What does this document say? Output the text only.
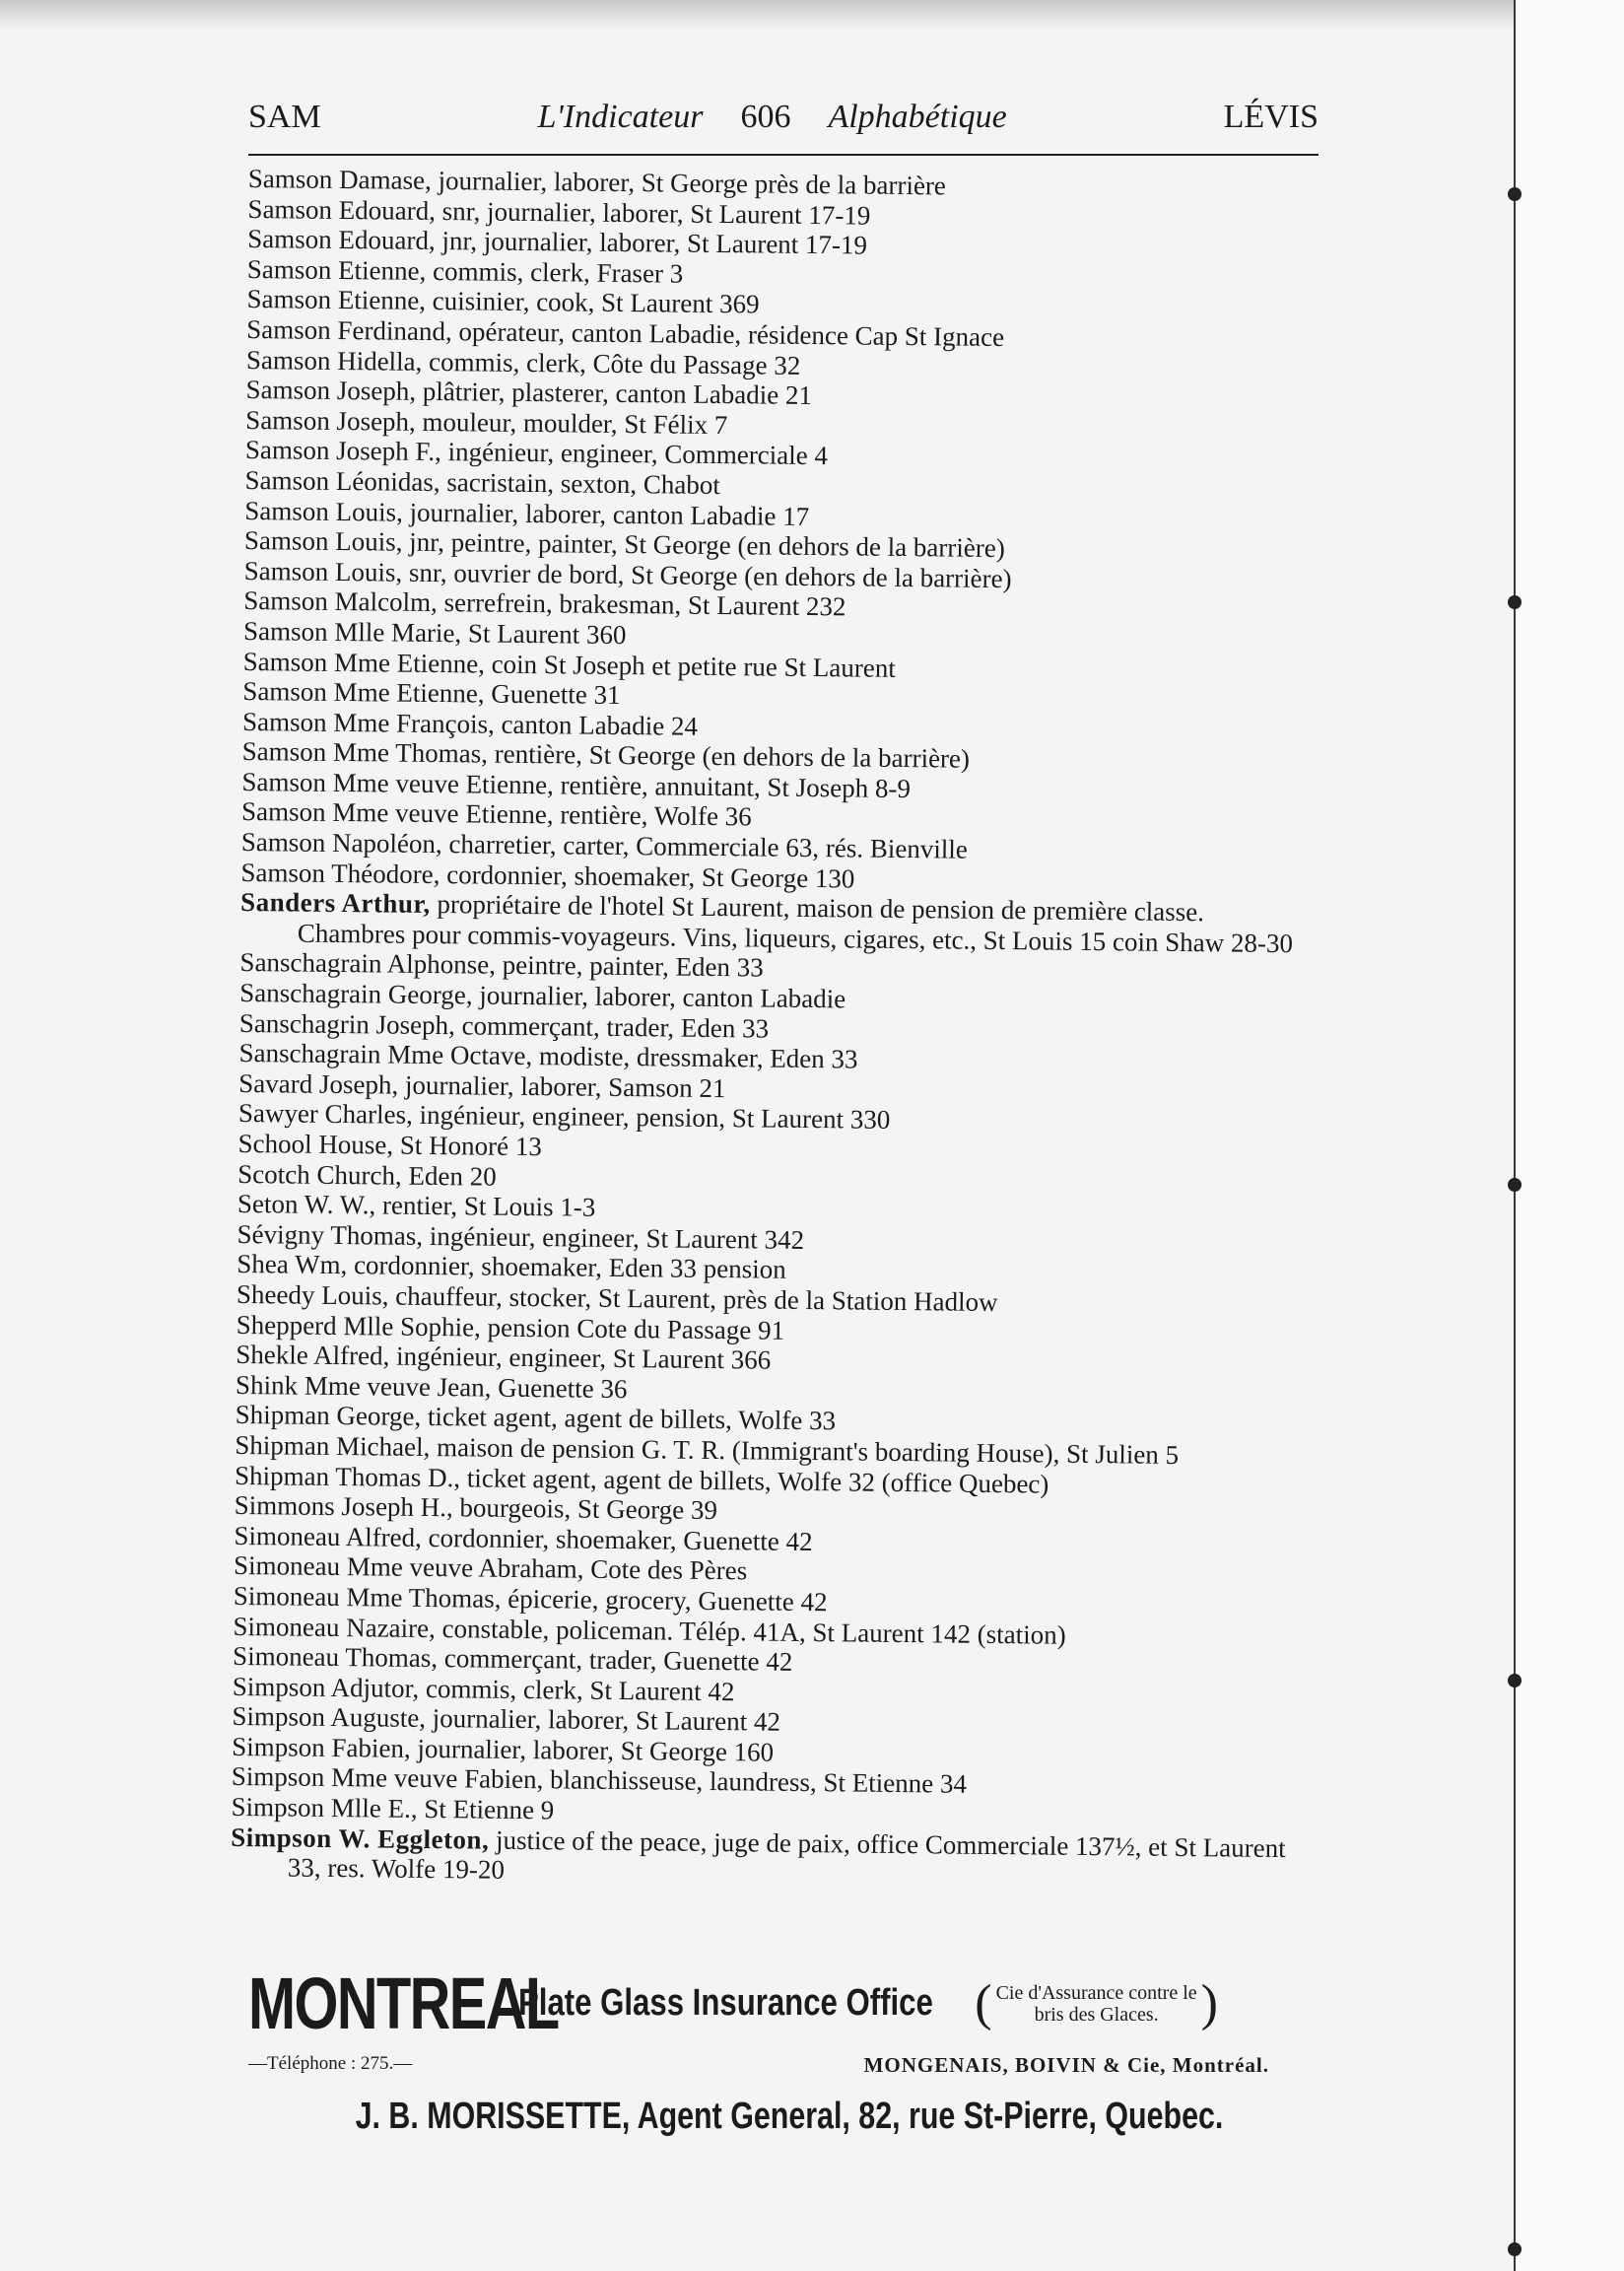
SAM	L'Indicateur 606 Alphabétique	LÉVIS
Samson Damase, journalier, laborer, St George près de la barrière
Samson Edouard, snr, journalier, laborer, St Laurent 17-19
Samson Edouard, jnr, journalier, laborer, St Laurent 17-19
Samson Etienne, commis, clerk, Fraser 3
Samson Etienne, cuisinier, cook, St Laurent 369
Samson Ferdinand, opérateur, canton Labadie, résidence Cap St Ignace
Samson Hidella, commis, clerk, Côte du Passage 32
Samson Joseph, plâtrier, plasterer, canton Labadie 21
Samson Joseph, mouleur, moulder, St Félix 7
Samson Joseph F., ingénieur, engineer, Commerciale 4
Samson Léonidas, sacristain, sexton, Chabot
Samson Louis, journalier, laborer, canton Labadie 17
Samson Louis, jnr, peintre, painter, St George (en dehors de la barrière)
Samson Louis, snr, ouvrier de bord, St George (en dehors de la barrière)
Samson Malcolm, serrefrein, brakesman, St Laurent 232
Samson Mlle Marie, St Laurent 360
Samson Mme Etienne, coin St Joseph et petite rue St Laurent
Samson Mme Etienne, Guenette 31
Samson Mme François, canton Labadie 24
Samson Mme Thomas, rentière, St George (en dehors de la barrière)
Samson Mme veuve Etienne, rentière, annuitant, St Joseph 8-9
Samson Mme veuve Etienne, rentière, Wolfe 36
Samson Napoléon, charretier, carter, Commerciale 63, rés. Bienville
Samson Théodore, cordonnier, shoemaker, St George 130
Sanders Arthur, propriétaire de l'hotel St Laurent, maison de pension de première classe. Chambres pour commis-voyageurs. Vins, liqueurs, cigares, etc., St Louis 15 coin Shaw 28-30
Sanschagrain Alphonse, peintre, painter, Eden 33
Sanschagrain George, journalier, laborer, canton Labadie
Sanschagrin Joseph, commerçant, trader, Eden 33
Sanschagrain Mme Octave, modiste, dressmaker, Eden 33
Savard Joseph, journalier, laborer, Samson 21
Sawyer Charles, ingénieur, engineer, pension, St Laurent 330
School House, St Honoré 13
Scotch Church, Eden 20
Seton W. W., rentier, St Louis 1-3
Sévigny Thomas, ingénieur, engineer, St Laurent 342
Shea Wm, cordonnier, shoemaker, Eden 33 pension
Sheedy Louis, chauffeur, stocker, St Laurent, près de la Station Hadlow
Shepperd Mlle Sophie, pension Cote du Passage 91
Shekle Alfred, ingénieur, engineer, St Laurent 366
Shink Mme veuve Jean, Guenette 36
Shipman George, ticket agent, agent de billets, Wolfe 33
Shipman Michael, maison de pension G. T. R. (Immigrant's boarding House), St Julien 5
Shipman Thomas D., ticket agent, agent de billets, Wolfe 32 (office Quebec)
Simmons Joseph H., bourgeois, St George 39
Simoneau Alfred, cordonnier, shoemaker, Guenette 42
Simoneau Mme veuve Abraham, Cote des Pères
Simoneau Mme Thomas, épicerie, grocery, Guenette 42
Simoneau Nazaire, constable, policeman. Télép. 41A, St Laurent 142 (station)
Simoneau Thomas, commerçant, trader, Guenette 42
Simpson Adjutor, commis, clerk, St Laurent 42
Simpson Auguste, journalier, laborer, St Laurent 42
Simpson Fabien, journalier, laborer, St George 160
Simpson Mme veuve Fabien, blanchisseuse, laundress, St Etienne 34
Simpson Mlle E., St Etienne 9
Simpson W. Eggleton, justice of the peace, juge de paix, office Commerciale 137½, et St Laurent 33, res. Wolfe 19-20
MONTREAL
Plate Glass Insurance Office ( Cie d'Assurance contre le
bris des Glaces. )
—Téléphone : 275.—	MONGENAIS, BOIVIN & Cie, Montréal.
J. B. MORISSETTE, Agent General, 82, rue St-Pierre, Quebec.
